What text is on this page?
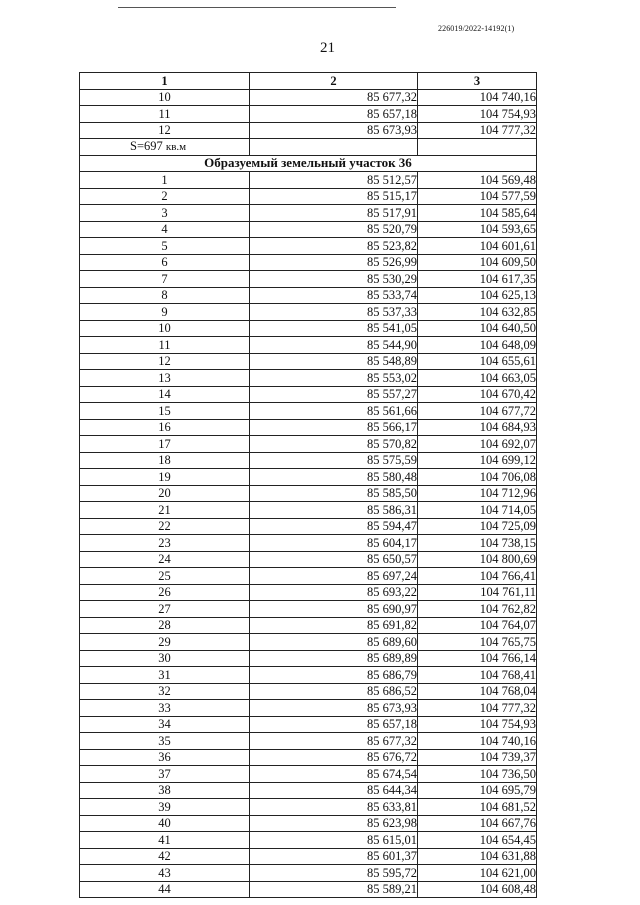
226019/2022-14192(1)
21
1	2	3
10	85 677,32	104 740,16
11	85 657,18	104 754,93
12	85 673,93	104 777,32
S=697 кв.м		
Образуемый земельный участок 36		
1	85 512,57	104 569,48
2	85 515,17	104 577,59
3	85 517,91	104 585,64
4	85 520,79	104 593,65
5	85 523,82	104 601,61
6	85 526,99	104 609,50
7	85 530,29	104 617,35
8	85 533,74	104 625,13
9	85 537,33	104 632,85
10	85 541,05	104 640,50
11	85 544,90	104 648,09
12	85 548,89	104 655,61
13	85 553,02	104 663,05
14	85 557,27	104 670,42
15	85 561,66	104 677,72
16	85 566,17	104 684,93
17	85 570,82	104 692,07
18	85 575,59	104 699,12
19	85 580,48	104 706,08
20	85 585,50	104 712,96
21	85 586,31	104 714,05
22	85 594,47	104 725,09
23	85 604,17	104 738,15
24	85 650,57	104 800,69
25	85 697,24	104 766,41
26	85 693,22	104 761,11
27	85 690,97	104 762,82
28	85 691,82	104 764,07
29	85 689,60	104 765,75
30	85 689,89	104 766,14
31	85 686,79	104 768,41
32	85 686,52	104 768,04
33	85 673,93	104 777,32
34	85 657,18	104 754,93
35	85 677,32	104 740,16
36	85 676,72	104 739,37
37	85 674,54	104 736,50
38	85 644,34	104 695,79
39	85 633,81	104 681,52
40	85 623,98	104 667,76
41	85 615,01	104 654,45
42	85 601,37	104 631,88
43	85 595,72	104 621,00
44	85 589,21	104 608,48
